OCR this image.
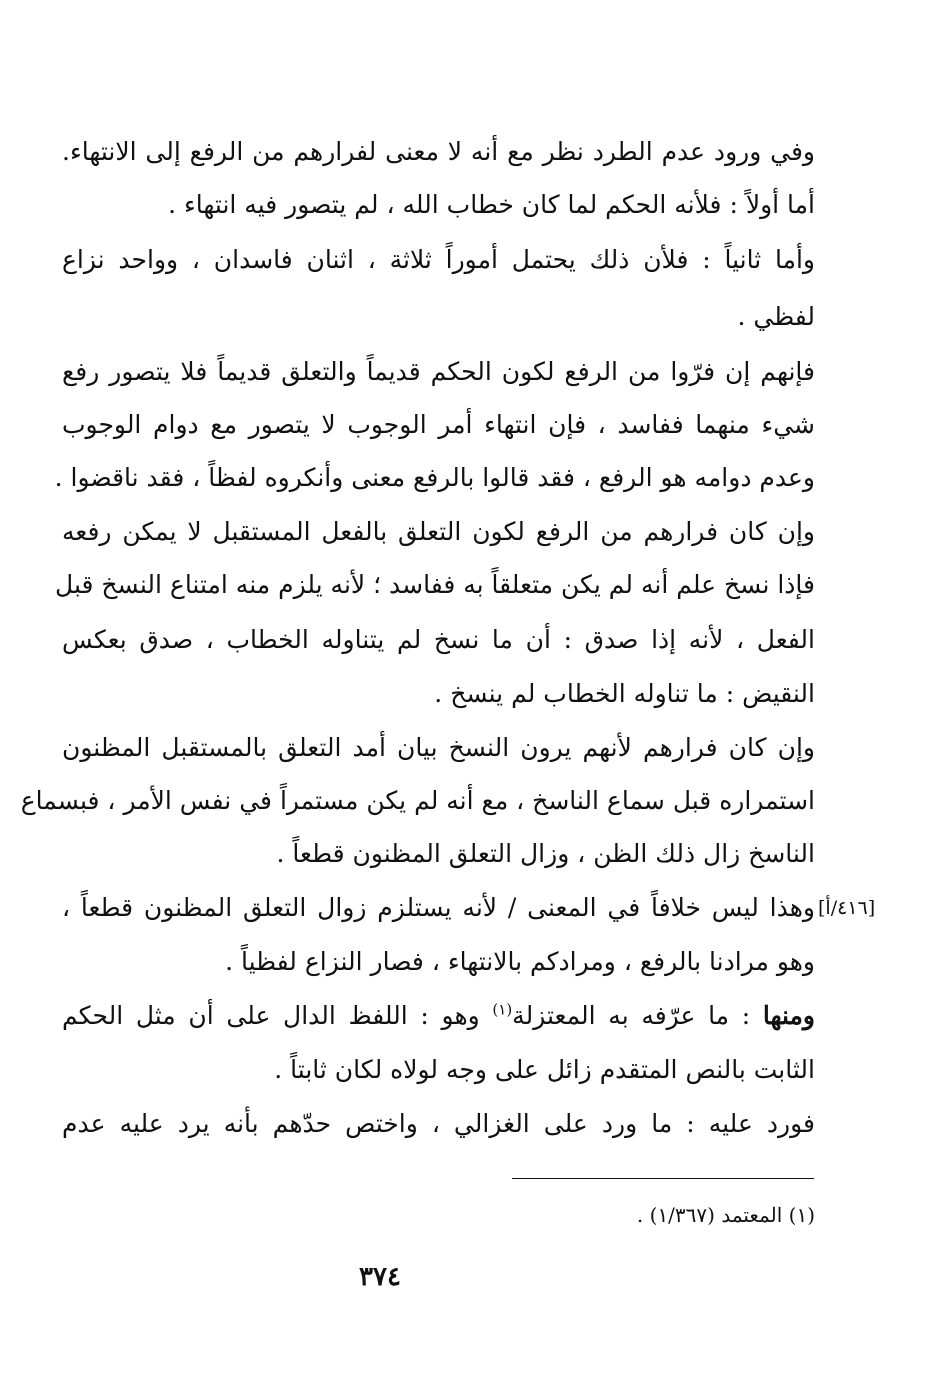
وفي ورود عدم الطرد نظر مع أنه لا معنى لفرارهم من الرفع إلى الانتهاء.
أما أولاً : فلأنه الحكم لما كان خطاب الله ، لم يتصور فيه انتهاء .
وأما ثانياً : فلأن ذلك يحتمل أموراً ثلاثة ، اثنان فاسدان ، وواحد نزاع
لفظي .
فإنهم إن فرّوا من الرفع لكون الحكم قديماً والتعلق قديماً فلا يتصور رفع
شيء منهما ففاسد ، فإن انتهاء أمر الوجوب لا يتصور مع دوام الوجوب
وعدم دوامه هو الرفع ، فقد قالوا بالرفع معنى وأنكروه لفظاً ، فقد ناقضوا .
وإن كان فرارهم من الرفع لكون التعلق بالفعل المستقبل لا يمكن رفعه
فإذا نسخ علم أنه لم يكن متعلقاً به ففاسد ؛ لأنه يلزم منه امتناع النسخ قبل
الفعل ، لأنه إذا صدق : أن ما نسخ لم يتناوله الخطاب ، صدق بعكس
النقيض : ما تناوله الخطاب لم ينسخ .
وإن كان فرارهم لأنهم يرون النسخ بيان أمد التعلق بالمستقبل المظنون
استمراره قبل سماع الناسخ ، مع أنه لم يكن مستمراً في نفس الأمر ، فبسماع
الناسخ زال ذلك الظن ، وزال التعلق المظنون قطعاً .
وهذا ليس خلافاً في المعنى / لأنه يستلزم زوال التعلق المظنون قطعاً ،
وهو مرادنا بالرفع ، ومرادكم بالانتهاء ، فصار النزاع لفظياً .
ومنها : ما عرّفه به المعتزلة$^{(١)}$ وهو : اللفظ الدال على أن مثل الحكم
الثابت بالنص المتقدم زائل على وجه لولاه لكان ثابتاً .
فورد عليه : ما ورد على الغزالي ، واختص حدّهم بأنه يرد عليه عدم
[٤١٦/أ]
(١) المعتمد (١/٣٦٧) .
٣٧٤
